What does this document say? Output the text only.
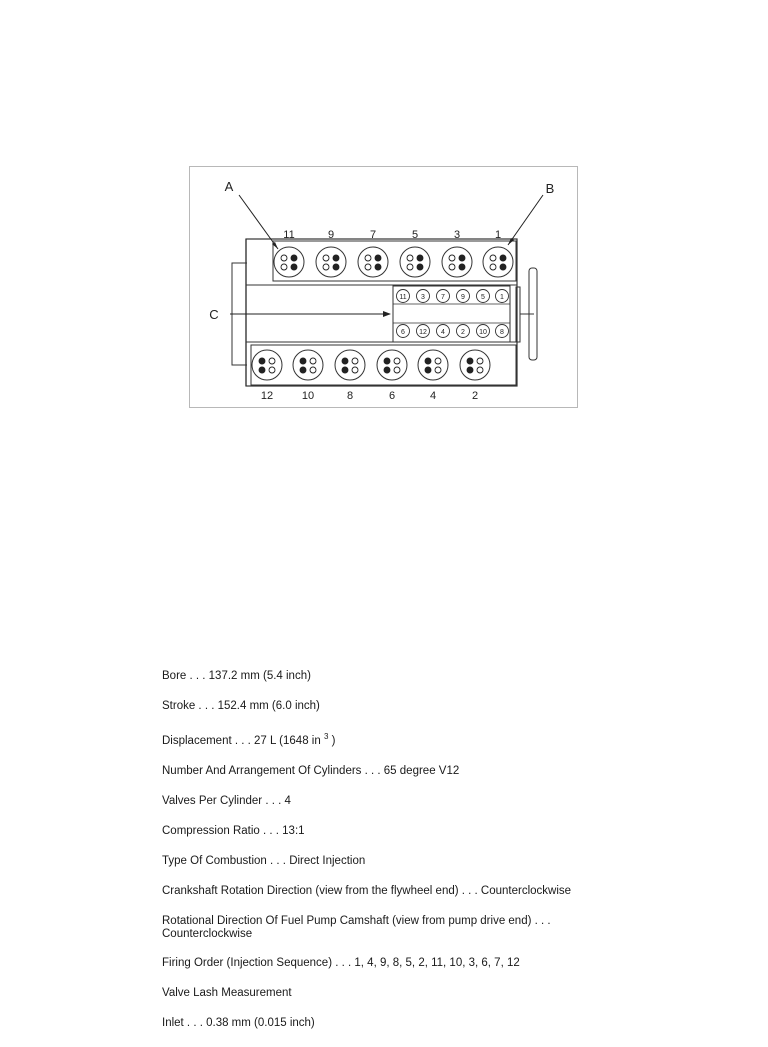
A	B
C
11	9	7	5	3	1
12	10	8	6	4	2
11 3 7 9 5 1
6 12 4 2 10 8
Bore . . . 137.2 mm (5.4 inch)
Stroke . . . 152.4 mm (6.0 inch)
Displacement . . . 27 L (1648 in $^3$ )
Number And Arrangement Of Cylinders . . . 65 degree V12
Valves Per Cylinder . . . 4
Compression Ratio . . . 13:1
Type Of Combustion . . . Direct Injection
Crankshaft Rotation Direction (view from the flywheel end) . . . Counterclockwise
Rotational Direction Of Fuel Pump Camshaft (view from pump drive end) . . .
Counterclockwise
Firing Order (Injection Sequence) . . . 1, 4, 9, 8, 5, 2, 11, 10, 3, 6, 7, 12
Valve Lash Measurement
Inlet . . . 0.38 mm (0.015 inch)
